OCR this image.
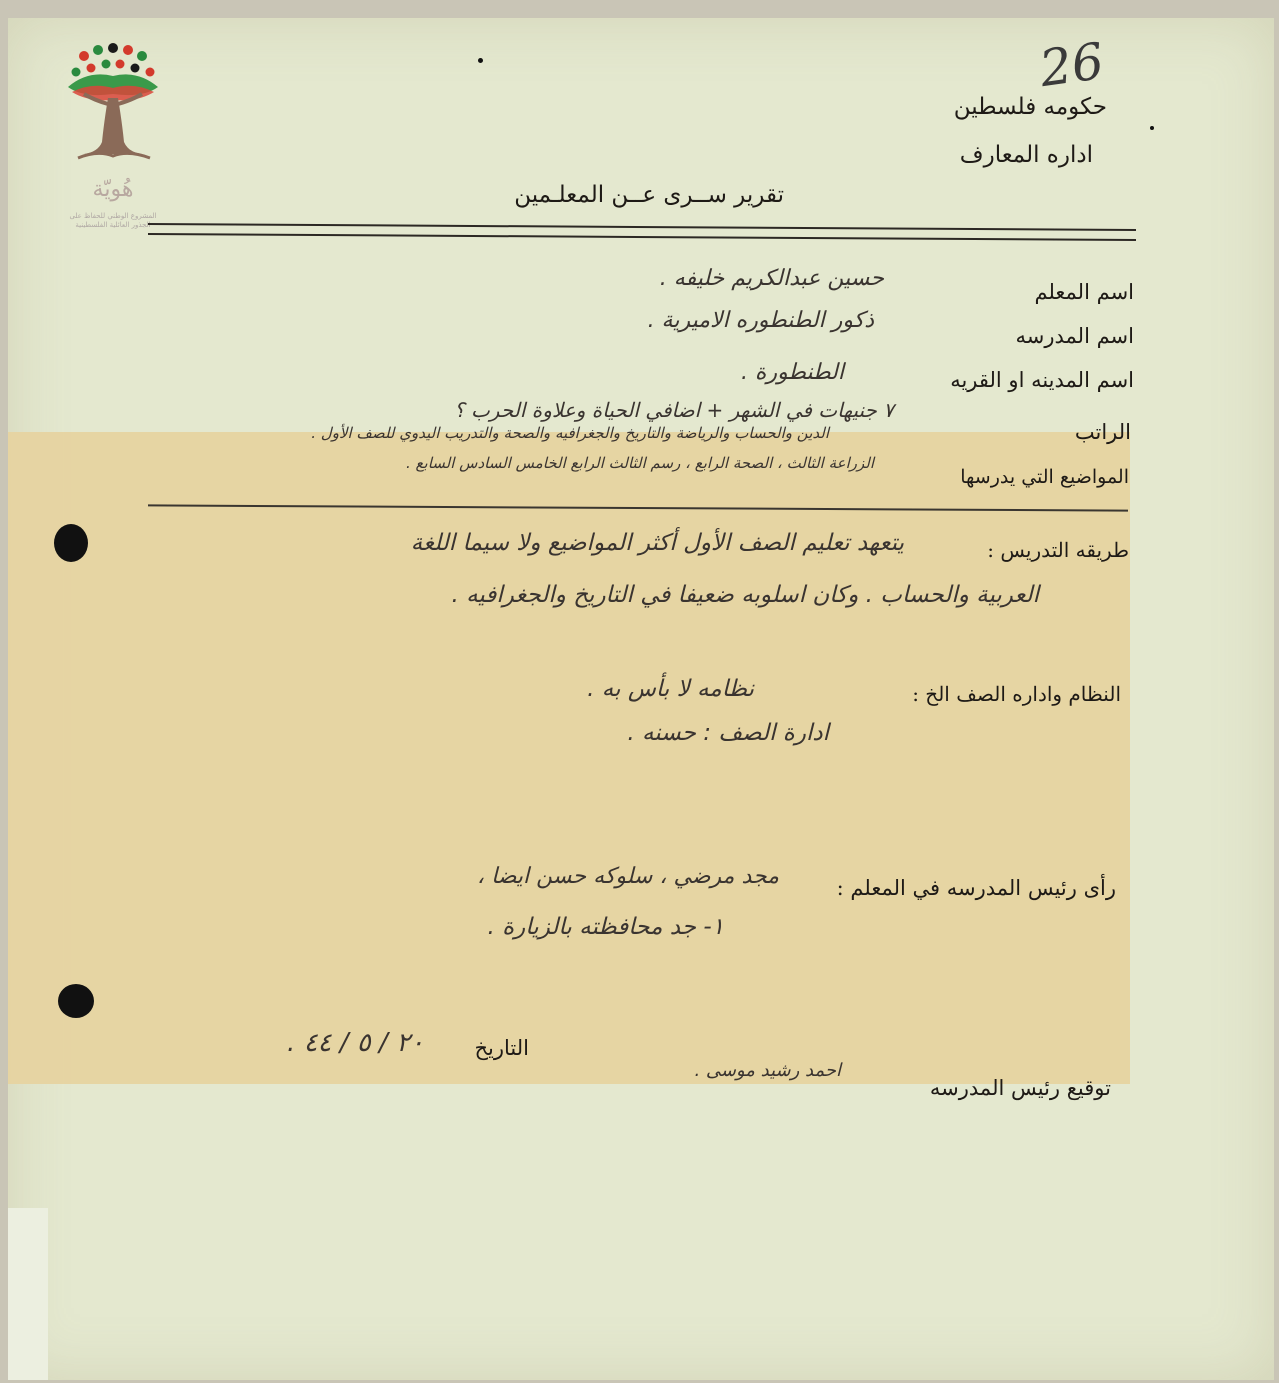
هُويّة
المشروع الوطني للحفاظ على
الجذور العائلية الفلسطينية
26
حكومه فلسطين
اداره المعارف
تقرير ســرى عــن المعلـمين
اسم المعلم
حسين عبدالكريم خليفه .
اسم المدرسه
ذكور الطنطوره الاميرية .
اسم المدينه او القريه
الطنطورة .
الراتب
٧ جنيهات في الشهر + اضافي الحياة وعلاوة الحرب ؟
المواضيع التي يدرسها
الدين والحساب والرياضة والتاريخ والجغرافيه والصحة والتدريب اليدوي للصف الأول .
الزراعة الثالث ، الصحة الرابع ، رسم الثالث الرابع الخامس السادس السابع .
طريقه التدريس :
يتعهد تعليم الصف الأول أكثر المواضيع ولا سيما اللغة
العربية والحساب . وكان اسلوبه ضعيفا في التاريخ والجغرافيه .
النظام واداره الصف الخ :
نظامه لا بأس به .
ادارة الصف : حسنه .
رأى رئيس المدرسه في المعلم :
مجد مرضي ، سلوكه حسن ايضا ،
١- جد محافظته بالزيارة .
التاريخ
٢٠ / ٥ / ٤٤ .
توقيع رئيس المدرسه
احمد رشيد موسى .
